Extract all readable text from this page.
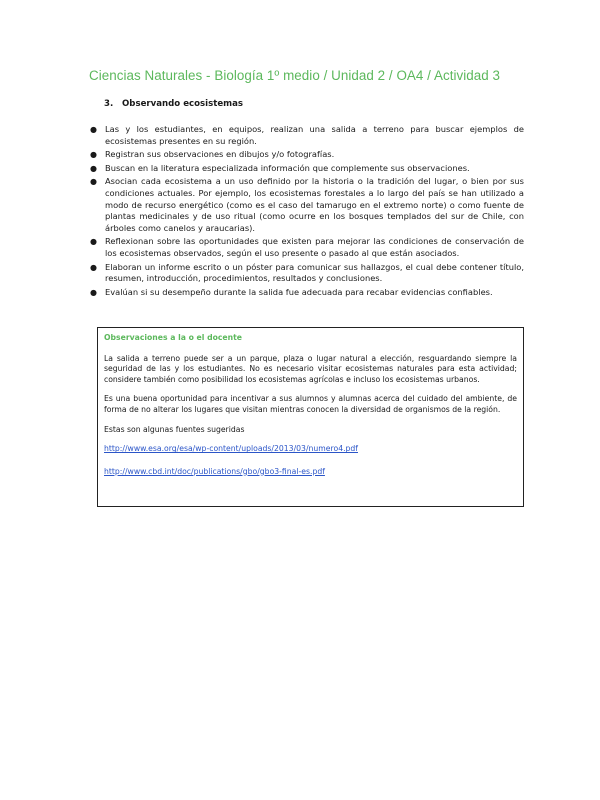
Ciencias Naturales - Biología 1º medio / Unidad 2 / OA4 / Actividad 3
3. Observando ecosistemas
● Las y los estudiantes, en equipos, realizan una salida a terreno para buscar ejemplos de ecosistemas presentes en su región.
● Registran sus observaciones en dibujos y/o fotografías.
● Buscan en la literatura especializada información que complemente sus observaciones.
● Asocian cada ecosistema a un uso definido por la historia o la tradición del lugar, o bien por sus condiciones actuales. Por ejemplo, los ecosistemas forestales a lo largo del país se han utilizado a modo de recurso energético (como es el caso del tamarugo en el extremo norte) o como fuente de plantas medicinales y de uso ritual (como ocurre en los bosques templados del sur de Chile, con árboles como canelos y araucarias).
● Reflexionan sobre las oportunidades que existen para mejorar las condiciones de conservación de los ecosistemas observados, según el uso presente o pasado al que están asociados.
● Elaboran un informe escrito o un póster para comunicar sus hallazgos, el cual debe contener título, resumen, introducción, procedimientos, resultados y conclusiones.
● Evalúan si su desempeño durante la salida fue adecuada para recabar evidencias confiables.
Observaciones a la o el docente
La salida a terreno puede ser a un parque, plaza o lugar natural a elección, resguardando siempre la seguridad de las y los estudiantes. No es necesario visitar ecosistemas naturales para esta actividad; considere también como posibilidad los ecosistemas agrícolas e incluso los ecosistemas urbanos.
Es una buena oportunidad para incentivar a sus alumnos y alumnas acerca del cuidado del ambiente, de forma de no alterar los lugares que visitan mientras conocen la diversidad de organismos de la región.
Estas son algunas fuentes sugeridas
http://www.esa.org/esa/wp-content/uploads/2013/03/numero4.pdf
http://www.cbd.int/doc/publications/gbo/gbo3-final-es.pdf
